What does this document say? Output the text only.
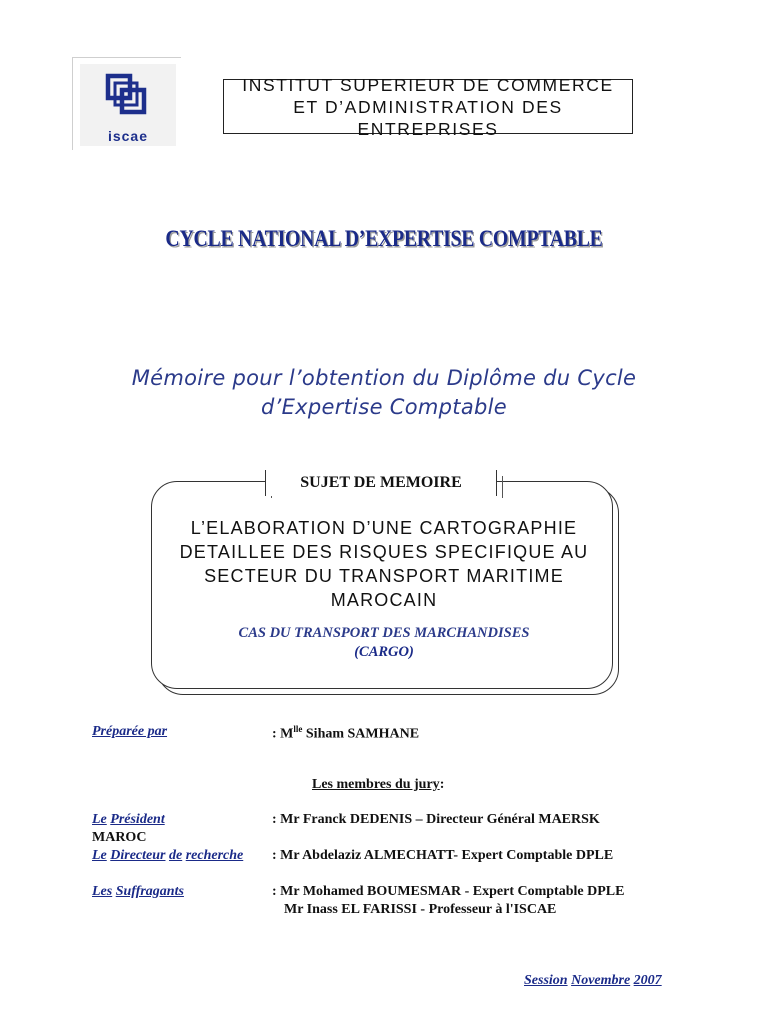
iscae
INSTITUT SUPERIEUR DE COMMERCE
ET D’ADMINISTRATION DES ENTREPRISES
CYCLE NATIONAL D’EXPERTISE COMPTABLE
Mémoire pour l’obtention du Diplôme du Cycle
d’Expertise Comptable
SUJET DE MEMOIRE
L’ELABORATION D’UNE CARTOGRAPHIE
DETAILLEE DES RISQUES SPECIFIQUE AU
SECTEUR DU TRANSPORT MARITIME
MAROCAIN
CAS DU TRANSPORT DES MARCHANDISES
(CARGO)
Préparée par	: $M^{lle}$ Siham SAMHANE
Les membres du jury:
Le Président	: Mr Franck DEDENIS – Directeur Général MAERSK
MAROC
Le Directeur de recherche : Mr Abdelaziz ALMECHATT- Expert Comptable DPLE
Les Suffragants	: Mr Mohamed BOUMESMAR - Expert Comptable DPLE
Mr Inass EL FARISSI - Professeur à l'ISCAE
Session Novembre 2007
